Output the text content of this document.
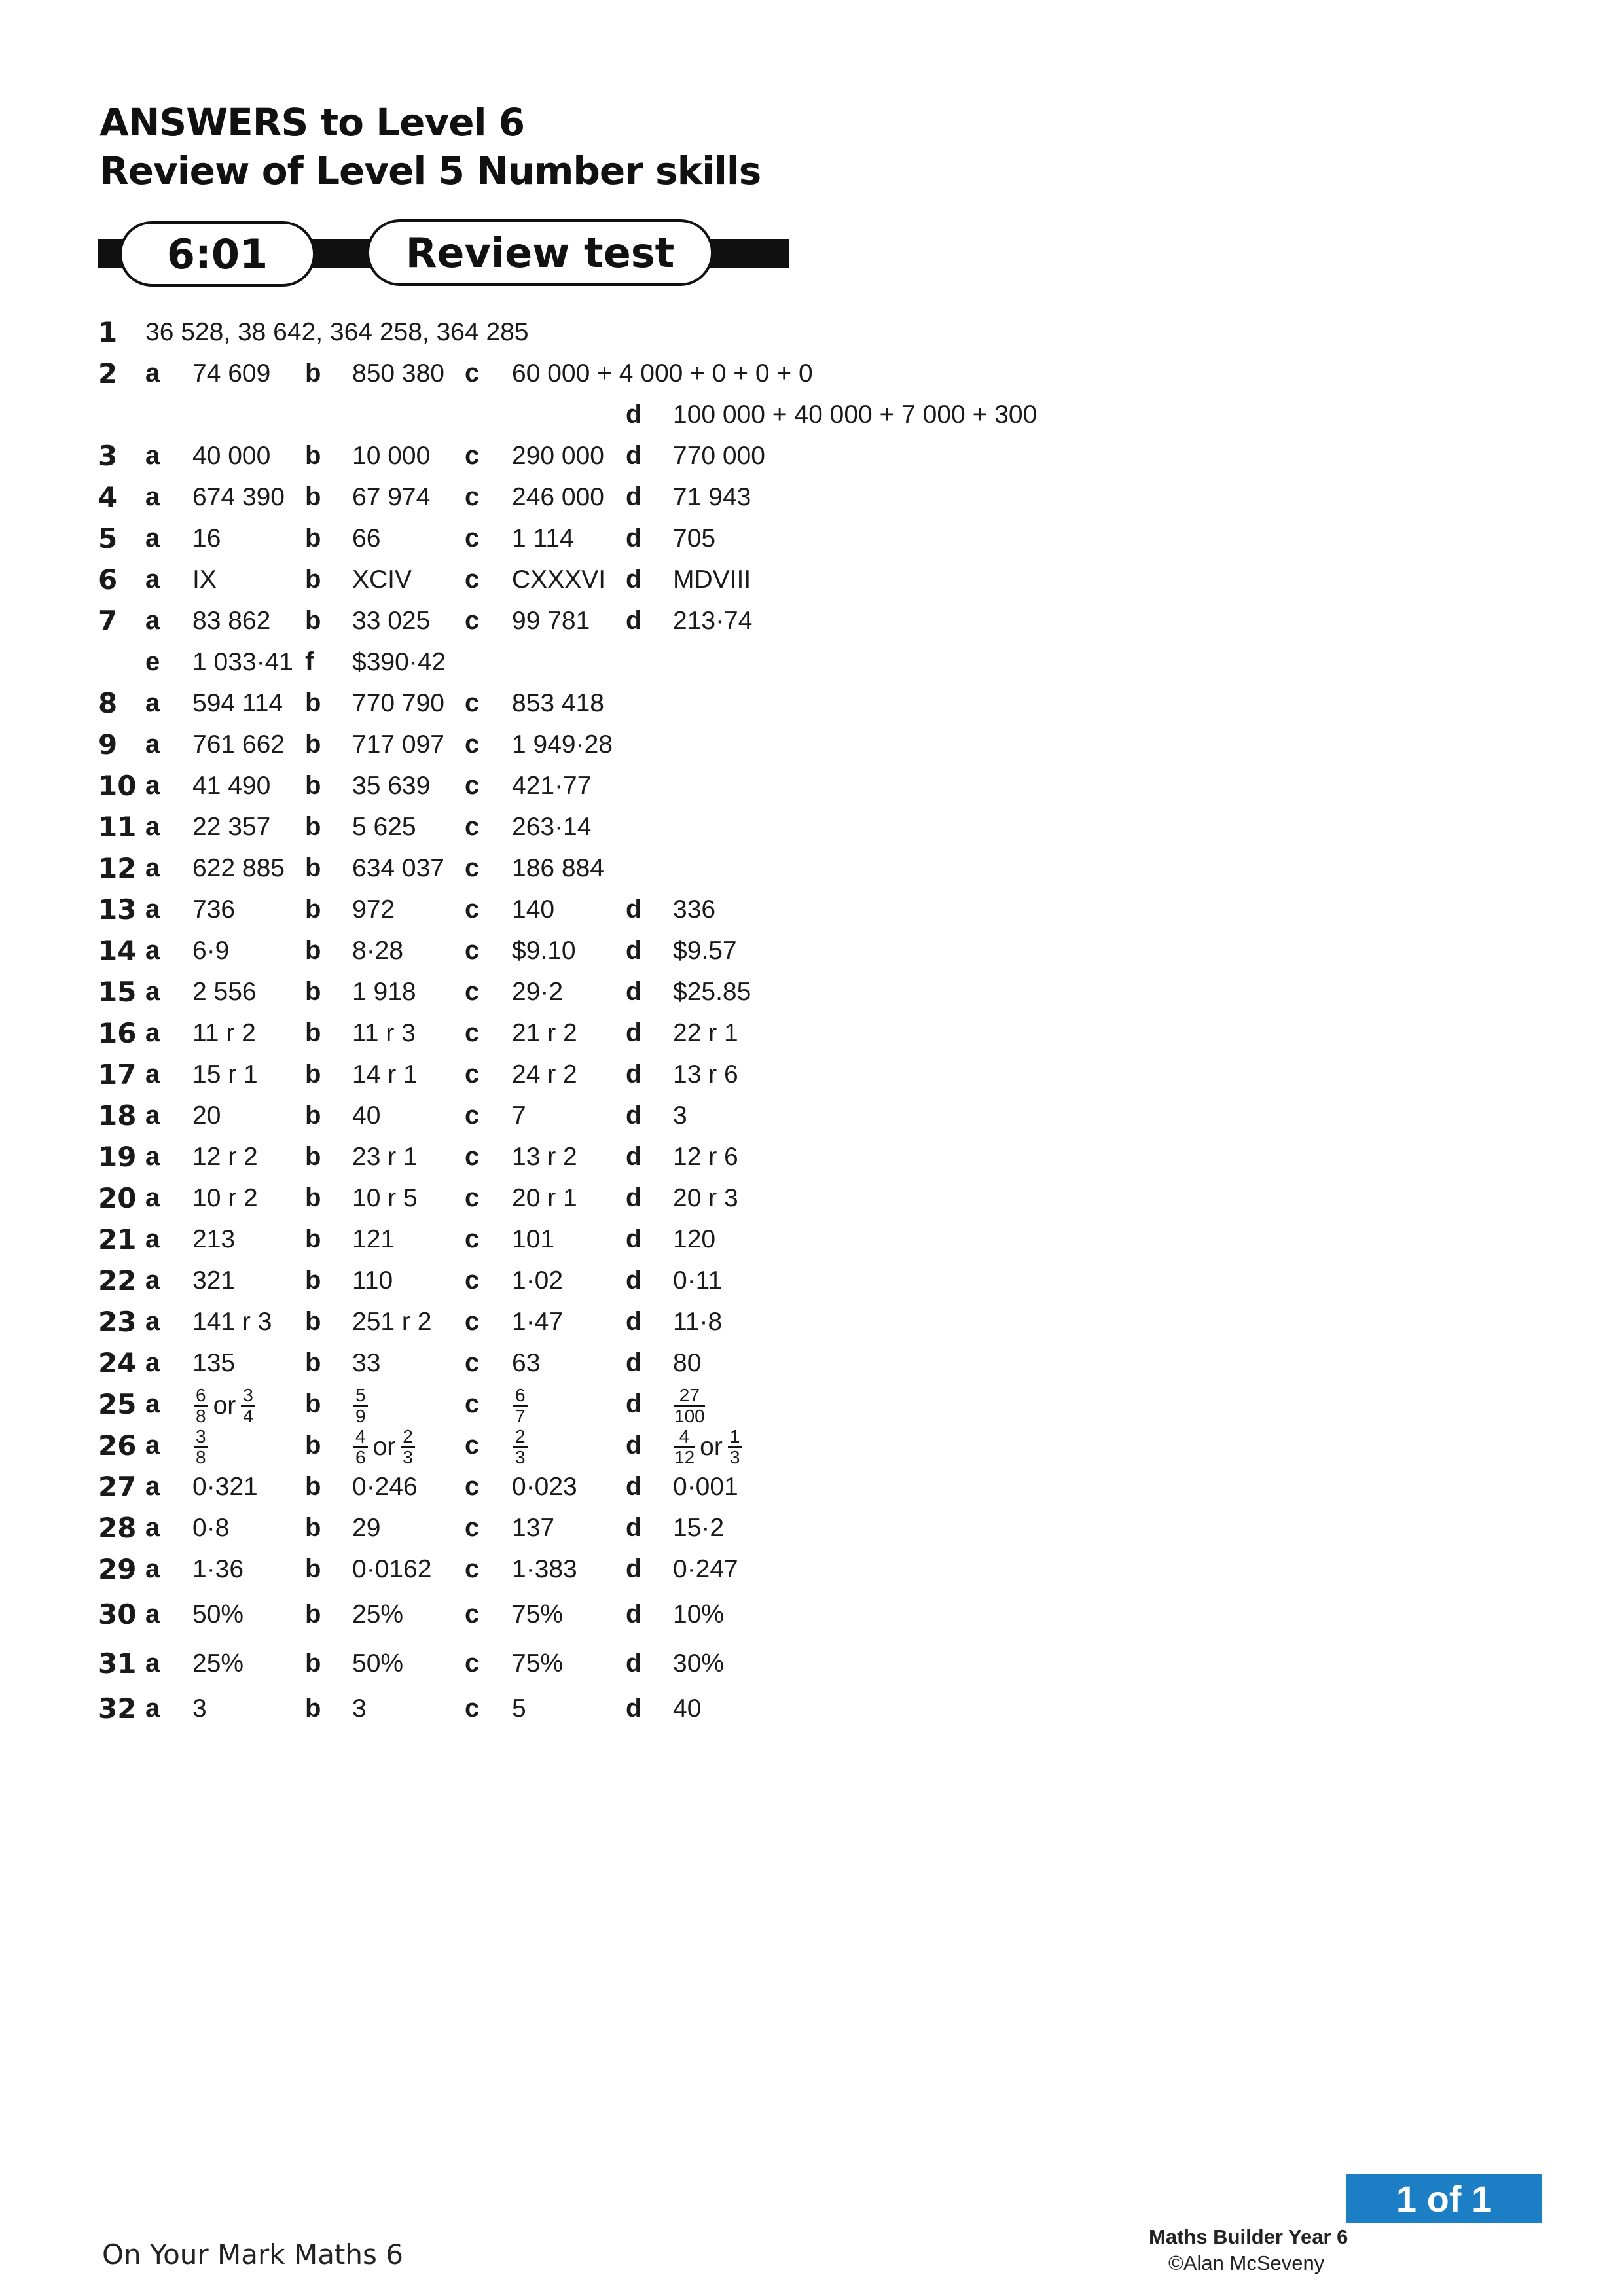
ANSWERS to Level 6
Review of Level 5 Number skills
6:01	Review test
1 36 528, 38 642, 364 258, 364 285
2 a 74 609 b 850 380 c 60 000 + 4 000 + 0 + 0 + 0
d 100 000 + 40 000 + 7 000 + 300
3 a 40 000 b 10 000 c 290 000 d 770 000
4 a 674 390 b 67 974 c 246 000 d 71 943
5 a 16	b 66	c 1 114 d 705
6 a IX	b XCIV c CXXXVI d MDVIII
7 a 83 862 b 33 025 c 99 781 d 213·74
e 1 033·41 f $390·42
8 a 594 114 b 770 790 c 853 418
9 a 761 662 b 717 097 c 1 949·28
10 a 41 490 b 35 639 c 421·77
11 a 22 357 b 5 625 c 263·14
12 a 622 885 b 634 037 c 186 884
13 a 736	b 972	c 140	d 336
14 a 6·9	b 8·28 c $9.10 d $9.57
15 a 2 556 b 1 918 c 29·2 d $25.85
16 a 11 r 2 b 11 r 3 c 21 r 2 d 22 r 1
17 a 15 r 1 b 14 r 1 c 24 r 2 d 13 r 6
18 a 20	b 40	c 7	d 3
19 a 12 r 2 b 23 r 1 c 13 r 2 d 12 r 6
20 a 10 r 2 b 10 r 5 c 20 r 1 d 20 r 3
21 a 213	b 121	c 101	d 120
22 a 321	b 110	c 1·02 d 0·11
23 a 141 r 3 b 251 r 2 c 1·47 d 11·8
24 a 135	b 33	c 63	d 80
25 a $\frac{6}{8}$ or $\frac{3}{4}$ b $\frac{5}{9}$	c $\frac{6}{7}$	d $\frac{27}{100}$
26 a $\frac{3}{8}$	b $\frac{4}{6}$ or $\frac{2}{3}$ c $\frac{2}{3}$	d $\frac{4}{12}$ or $\frac{1}{3}$
27 a 0·321 b 0·246 c 0·023 d 0·001
28 a 0·8	b 29	c 137	d 15·2
29 a 1·36 b 0·0162 c 1·383 d 0·247
30 a 50% b 25% c 75% d 10%
31 a 25% b 50% c 75% d 30%
32 a 3	b 3	c 5	d 40
1 of 1
On Your Mark Maths 6
Maths Builder Year 6
©Alan McSeveny
